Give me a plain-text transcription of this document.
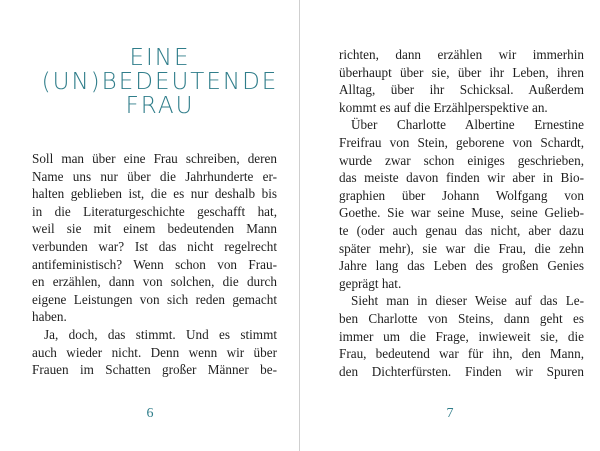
EINE
(UN)BEDEUTENDE
FRAU
Soll man über eine Frau schreiben, deren
Name uns nur über die Jahrhunderte er-
halten geblieben ist, die es nur deshalb bis
in die Literaturgeschichte geschafft hat,
weil sie mit einem bedeutenden Mann
verbunden war? Ist das nicht regelrecht
antifeministisch? Wenn schon von Frau-
en erzählen, dann von solchen, die durch
eigene Leistungen von sich reden gemacht
haben.
Ja, doch, das stimmt. Und es stimmt
auch wieder nicht. Denn wenn wir über
Frauen im Schatten großer Männer be-
6
richten, dann erzählen wir immerhin
überhaupt über sie, über ihr Leben, ihren
Alltag, über ihr Schicksal. Außerdem
kommt es auf die Erzählperspektive an.
Über Charlotte Albertine Ernestine
Freifrau von Stein, geborene von Schardt,
wurde zwar schon einiges geschrieben,
das meiste davon finden wir aber in Bio-
graphien über Johann Wolfgang von
Goethe. Sie war seine Muse, seine Gelieb-
te (oder auch genau das nicht, aber dazu
später mehr), sie war die Frau, die zehn
Jahre lang das Leben des großen Genies
geprägt hat.
Sieht man in dieser Weise auf das Le-
ben Charlotte von Steins, dann geht es
immer um die Frage, inwieweit sie, die
Frau, bedeutend war für ihn, den Mann,
den Dichterfürsten. Finden wir Spuren
7
